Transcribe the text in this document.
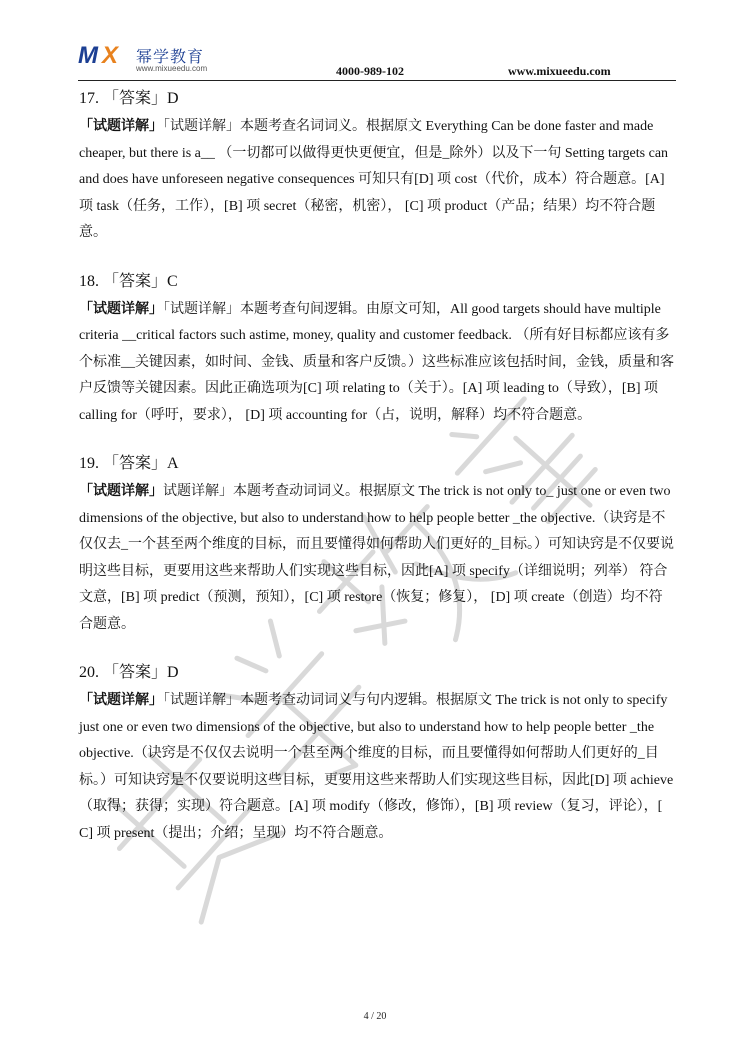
M X 幂学教育
www.mixueedu.com	4000-989-102	www.mixueedu.com

17. 「答案」D

「试题详解」「试题详解」本题考查名词词义。根据原文 Everything Can be done faster and made cheaper, but there is a__ （一切都可以做得更快更便宜，但是_除外）以及下一句 Setting targets can and does have unforeseen negative consequences 可知只有[D] 项 cost（代价，成本）符合题意。[A] 项 task（任务，工作），[B] 项 secret（秘密，机密）， [C] 项 product（产品；结果）均不符合题意。

18. 「答案」C

「试题详解」「试题详解」本题考查句间逻辑。由原文可知，All good targets should have multiple criteria __critical factors such astime, money, quality and customer feedback. （所有好目标都应该有多个标准__关键因素，如时间、金钱、质量和客户反馈。）这些标准应该包括时间，金钱，质量和客户反馈等关键因素。因此正确选项为[C] 项 relating to（关于）。[A] 项 leading to（导致），[B] 项 calling for（呼吁，要求）， [D] 项 accounting for（占，说明，解释）均不符合题意。

19. 「答案」A

「试题详解」试题详解」本题考查动词词义。根据原文 The trick is not only to_ just one or even two dimensions of the objective, but also to understand how to help people better _the objective.（诀窍是不仅仅去_一个甚至两个维度的目标，而且要懂得如何帮助人们更好的_目标。）可知诀窍是不仅要说明这些目标，更要用这些来帮助人们实现这些目标，因此[A] 项 specify（详细说明；列举） 符合文意，[B] 项 predict（预测，预知），[C] 项 restore（恢复；修复）， [D] 项 create（创造）均不符合题意。

20. 「答案」D

「试题详解」「试题详解」本题考查动词词义与句内逻辑。根据原文 The trick is not only to specify just one or even two dimensions of the objective, but also to understand how to help people better _the objective.（诀窍是不仅仅去说明一个甚至两个维度的目标，而且要懂得如何帮助人们更好的_目标。）可知诀窍是不仅要说明这些目标，更要用这些来帮助人们实现这些目标，因此[D] 项 achieve（取得；获得；实现）符合题意。[A] 项 modify（修改，修饰），[B] 项 review（复习，评论），[ C] 项 present（提出；介绍；呈现）均不符合题意。

4 / 20
